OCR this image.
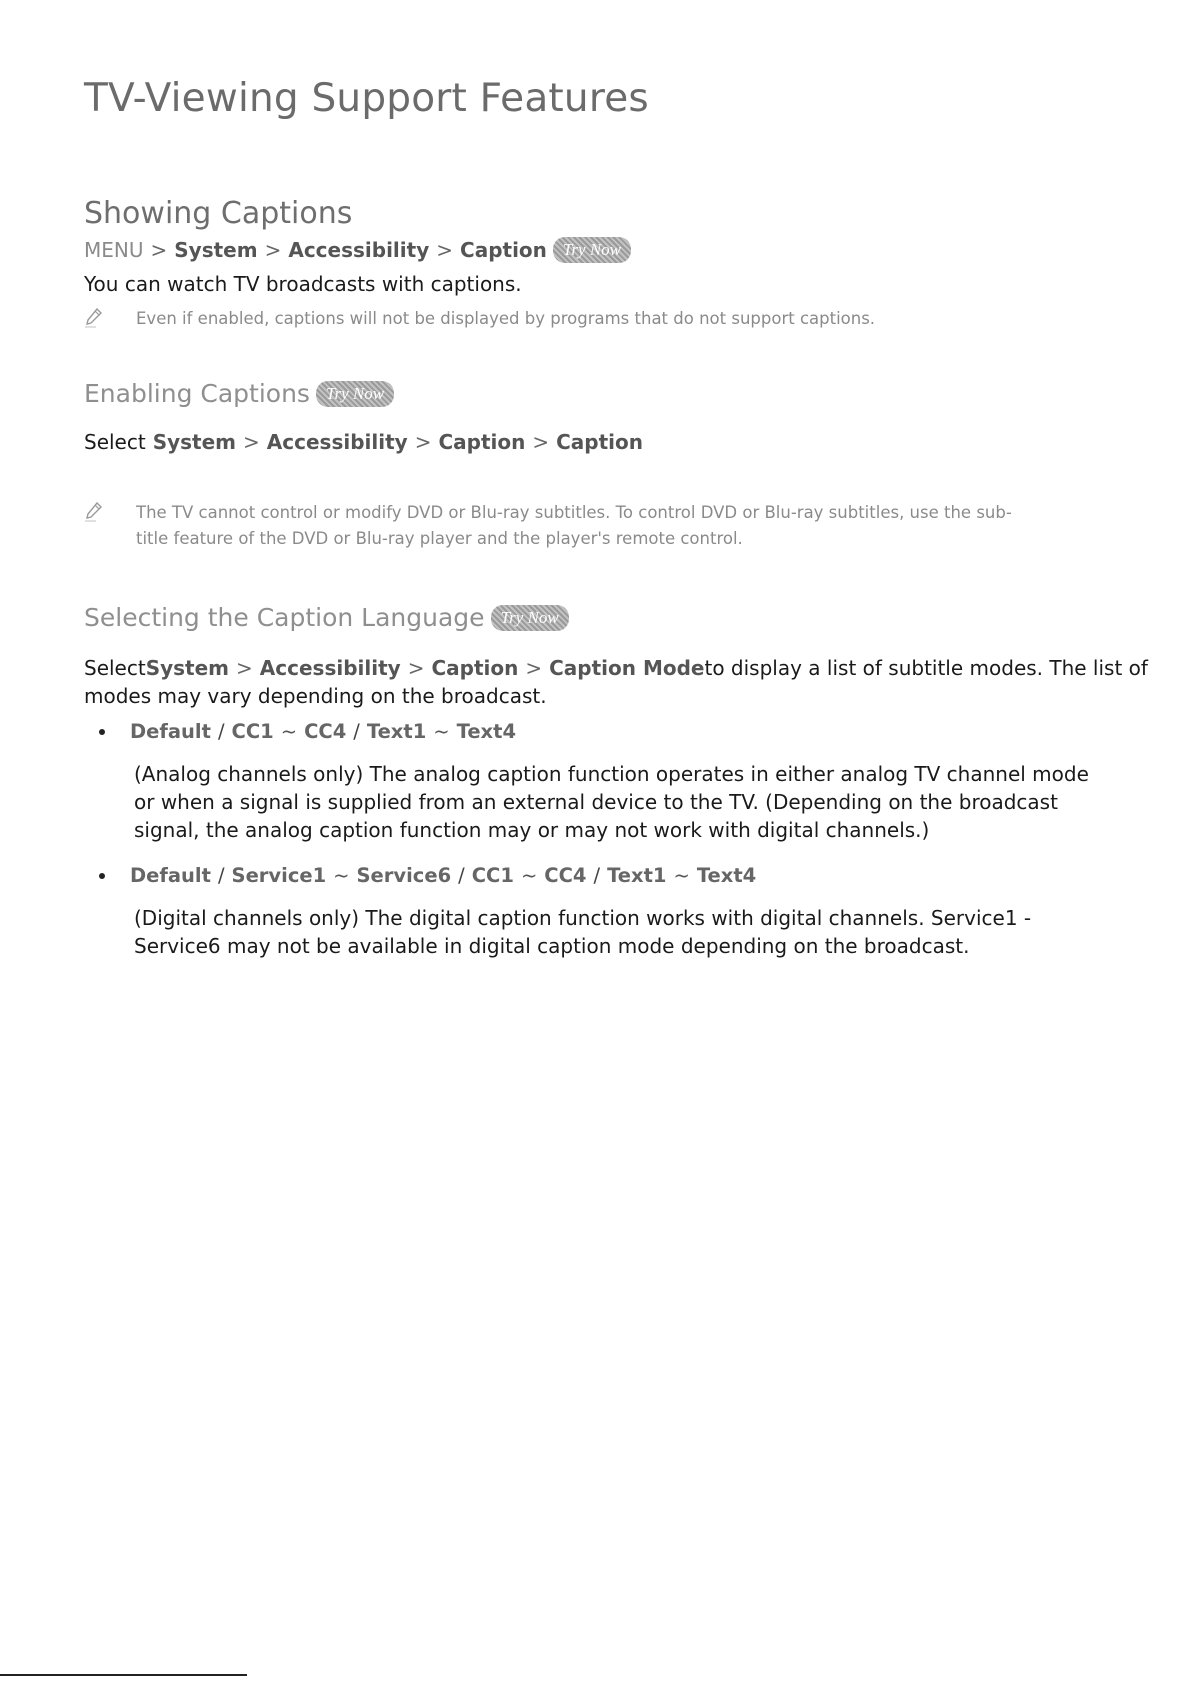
TV-Viewing Support Features
Showing Captions
MENU > System > Accessibility > Caption Try Now

You can watch TV broadcasts with captions.

Even if enabled, captions will not be displayed by programs that do not support captions.
Enabling Captions Try Now
Select System > Accessibility > Caption > Caption
The TV cannot control or modify DVD or Blu-ray subtitles. To control DVD or Blu-ray subtitles, use the sub-
title feature of the DVD or Blu-ray player and the player's remote control.
Selecting the Caption Language Try Now
Select System > Accessibility > Caption > Caption Mode to display a list of subtitle modes. The list of
modes may vary depending on the broadcast.
Default / CC1 ~ CC4 / Text1 ~ Text4
(Analog channels only) The analog caption function operates in either analog TV channel mode
or when a signal is supplied from an external device to the TV. (Depending on the broadcast
signal, the analog caption function may or may not work with digital channels.)
Default / Service1 ~ Service6 / CC1 ~ CC4 / Text1 ~ Text4
(Digital channels only) The digital caption function works with digital channels. Service1 -
Service6 may not be available in digital caption mode depending on the broadcast.
